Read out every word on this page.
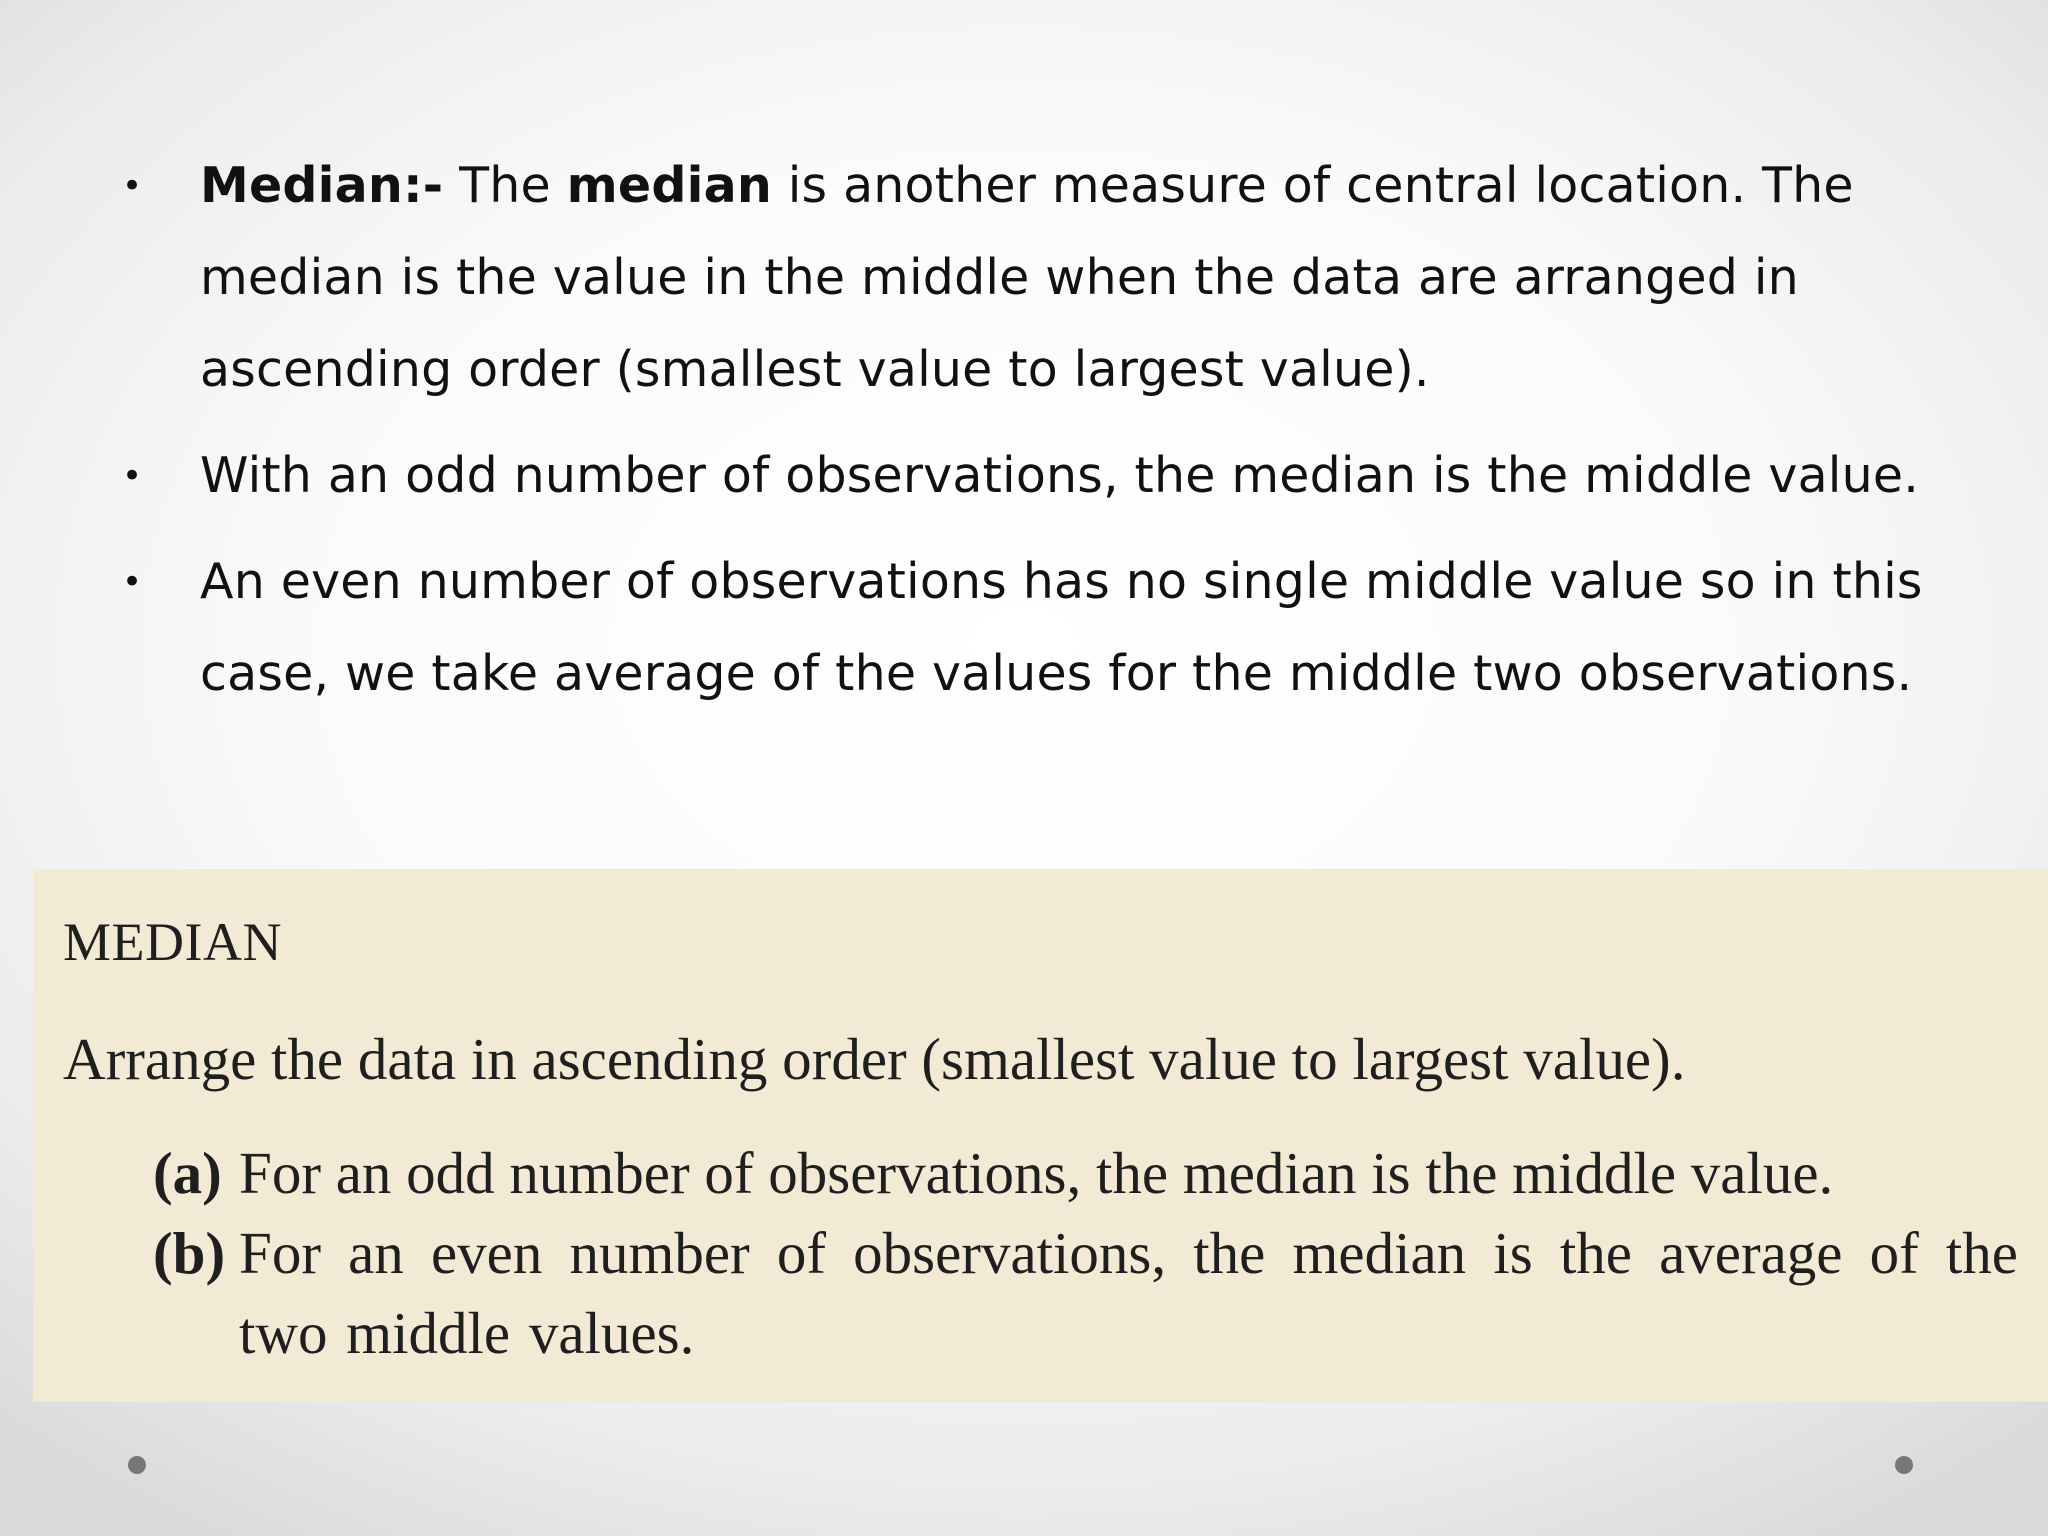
• Median:- The median is another measure of central location. The median is the value in the middle when the data are arranged in ascending order (smallest value to largest value).
• With an odd number of observations, the median is the middle value.
• An even number of observations has no single middle value so in this case, we take average of the values for the middle two observations.
MEDIAN

Arrange the data in ascending order (smallest value to largest value).

(a) For an odd number of observations, the median is the middle value.
(b) For an even number of observations, the median is the average of the two middle values.
